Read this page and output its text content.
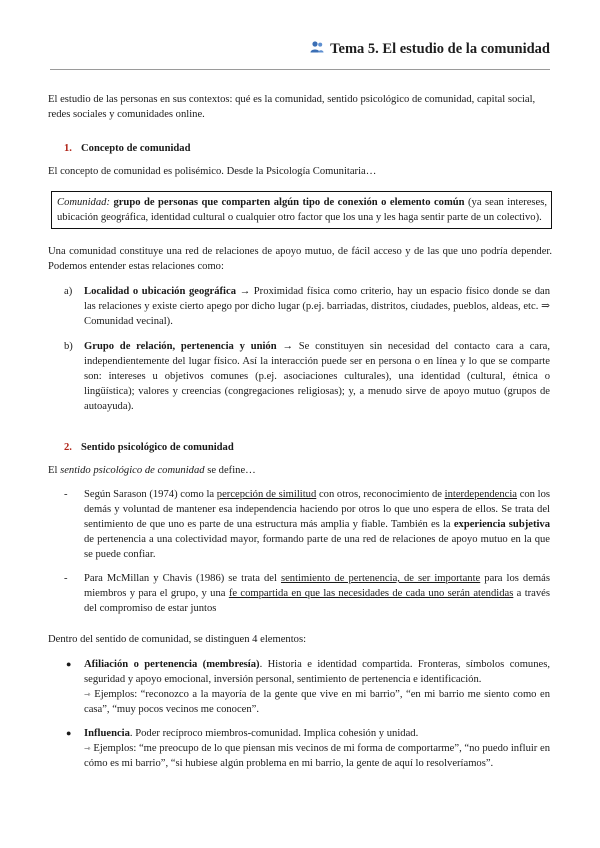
Tema 5. El estudio de la comunidad

El estudio de las personas en sus contextos: qué es la comunidad, sentido psicológico de comunidad, capital social, redes sociales y comunidades online.

1. Concepto de comunidad

El concepto de comunidad es polisémico. Desde la Psicología Comunitaria…

Comunidad: grupo de personas que comparten algún tipo de conexión o elemento común (ya sean intereses, ubicación geográfica, identidad cultural o cualquier otro factor que los una y les haga sentir parte de un colectivo).

Una comunidad constituye una red de relaciones de apoyo mutuo, de fácil acceso y de las que uno podría depender. Podemos entender estas relaciones como:

a)	Localidad o ubicación geográfica → Proximidad física como criterio, hay un espacio físico donde se dan las relaciones y existe cierto apego por dicho lugar (p.ej. barriadas, distritos, ciudades, pueblos, aldeas, etc. ⇒ Comunidad vecinal).
b)	Grupo de relación, pertenencia y unión → Se constituyen sin necesidad del contacto cara a cara, independientemente del lugar físico. Así la interacción puede ser en persona o en línea y lo que se comparte son: intereses u objetivos comunes (p.ej. asociaciones culturales), una identidad (cultural, étnica o lingüística); valores y creencias (congregaciones religiosas); y, a menudo sirve de apoyo mutuo (grupos de autoayuda).
2. Sentido psicológico de comunidad

El sentido psicológico de comunidad se define…

-	Según Sarason (1974) como la percepción de similitud con otros, reconocimiento de interdependencia con los demás y voluntad de mantener esa independencia haciendo por otros lo que uno espera de ellos. Se trata del sentimiento de que uno es parte de una estructura más amplia y fiable. También es la experiencia subjetiva de pertenencia a una colectividad mayor, formando parte de una red de relaciones de apoyo mutuo en la que se puede confiar.
-	Para McMillan y Chavis (1986) se trata del sentimiento de pertenencia, de ser importante para los demás miembros y para el grupo, y una fe compartida en que las necesidades de cada uno serán atendidas a través del compromiso de estar juntos

Dentro del sentido de comunidad, se distinguen 4 elementos:

●	Afiliación o pertenencia (membresía). Historia e identidad compartida. Fronteras, símbolos comunes, seguridad y apoyo emocional, inversión personal, sentimiento de pertenencia e identificación.
⇾ Ejemplos: “reconozco a la mayoría de la gente que vive en mi barrio”, “en mi barrio me siento como en casa”, “muy pocos vecinos me conocen”.
●	Influencia. Poder recíproco miembros-comunidad. Implica cohesión y unidad.
⇾ Ejemplos: “me preocupo de lo que piensan mis vecinos de mi forma de comportarme”, “no puedo influir en cómo es mi barrio”, “si hubiese algún problema en mi barrio, la gente de aquí lo resolveríamos”.
